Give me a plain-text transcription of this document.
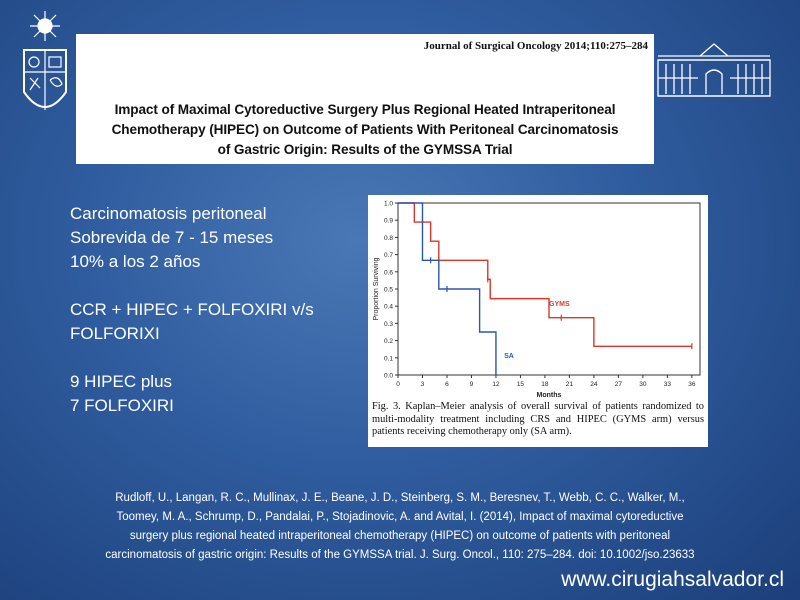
Journal of Surgical Oncology 2014;110:275–284
Impact of Maximal Cytoreductive Surgery Plus Regional Heated Intraperitoneal
Chemotherapy (HIPEC) on Outcome of Patients With Peritoneal Carcinomatosis
of Gastric Origin: Results of the GYMSSA Trial
Carcinomatosis peritoneal
Sobrevida de 7 - 15 meses
10% a los 2 años
CCR + HIPEC + FOLFOXIRI v/s
FOLFORIXI
9 HIPEC plus
7 FOLFOXIRI
0.0
0.1
0.2
0.3
0.4
0.5
0.6
0.7
0.8
0.9
1.0
0	3	6	9	12	15	18	21	24	27	30	33	36
Months
Proportion Surviving	GYMS
SA
Fig. 3. Kaplan–Meier analysis of overall survival of patients randomized to multi-modality treatment including CRS and HIPEC (GYMS arm) versus patients receiving chemotherapy only (SA arm).
Rudloff, U., Langan, R. C., Mullinax, J. E., Beane, J. D., Steinberg, S. M., Beresnev, T., Webb, C. C., Walker, M.,
Toomey, M. A., Schrump, D., Pandalai, P., Stojadinovic, A. and Avital, I. (2014), Impact of maximal cytoreductive
surgery plus regional heated intraperitoneal chemotherapy (HIPEC) on outcome of patients with peritoneal
carcinomatosis of gastric origin: Results of the GYMSSA trial. J. Surg. Oncol., 110: 275–284. doi: 10.1002/jso.23633
www.cirugiahsalvador.cl
